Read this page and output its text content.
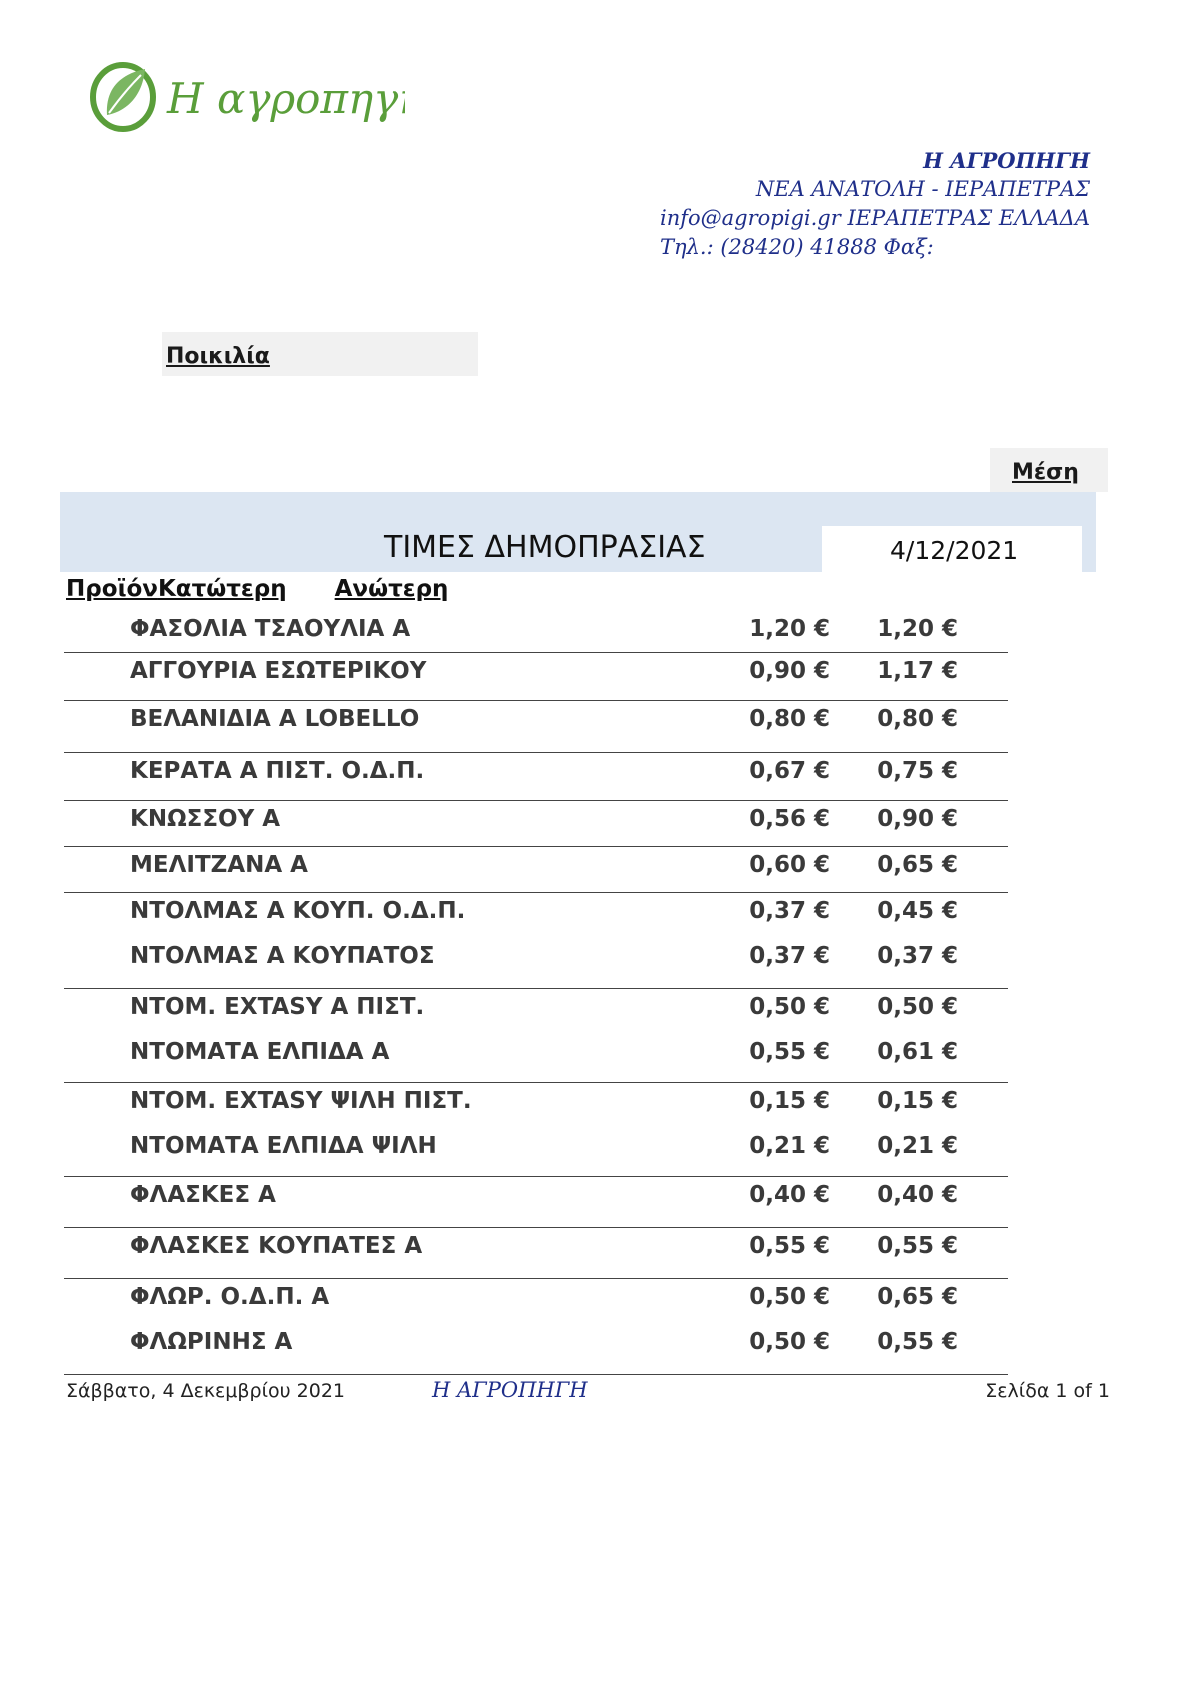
Η αγροπηγή
Η ΑΓΡΟΠΗΓΗ
ΝΕΑ ΑΝΑΤΟΛΗ - ΙΕΡΑΠΕΤΡΑΣ
info@agropigi.gr ΙΕΡΑΠΕΤΡΑΣ ΕΛΛΑΔΑ
Τηλ.: (28420) 41888 Φαξ:
Ποικιλία
Μέση
ΤΙΜΕΣ ΔΗΜΟΠΡΑΣΙΑΣ	4/12/2021
ΠροϊόνΚατώτερη Ανώτερη
ΦΑΣΟΛΙΑ ΤΣΑΟΥΛΙΑ Α	1,20 €	1,20 €
ΑΓΓΟΥΡΙΑ ΕΣΩΤΕΡΙΚΟΥ	0,90 €	1,17 €
ΒΕΛΑΝΙΔΙΑ Α LOBELLO	0,80 €	0,80 €
ΚΕΡΑΤΑ Α ΠΙΣΤ. Ο.Δ.Π.	0,67 €	0,75 €
ΚΝΩΣΣΟΥ Α	0,56 €	0,90 €
ΜΕΛΙΤΖΑΝΑ Α	0,60 €	0,65 €
ΝΤΟΛΜΑΣ Α ΚΟΥΠ. Ο.Δ.Π.	0,37 €	0,45 €
ΝΤΟΛΜΑΣ Α ΚΟΥΠΑΤΟΣ	0,37 €	0,37 €
ΝΤΟΜ. EXTASY Α ΠΙΣΤ.	0,50 €	0,50 €
ΝΤΟΜΑΤΑ ΕΛΠΙΔΑ Α	0,55 €	0,61 €
ΝΤΟΜ. EXTASY ΨΙΛΗ ΠΙΣΤ.	0,15 €	0,15 €
ΝΤΟΜΑΤΑ ΕΛΠΙΔΑ ΨΙΛΗ	0,21 €	0,21 €
ΦΛΑΣΚΕΣ Α	0,40 €	0,40 €
ΦΛΑΣΚΕΣ ΚΟΥΠΑΤΕΣ Α	0,55 €	0,55 €
ΦΛΩΡ. Ο.Δ.Π. Α	0,50 €	0,65 €
ΦΛΩΡΙΝΗΣ Α	0,50 €	0,55 €
Σάββατο, 4 Δεκεμβρίου 2021	Η ΑΓΡΟΠΗΓΗ	Σελίδα 1 of 1
